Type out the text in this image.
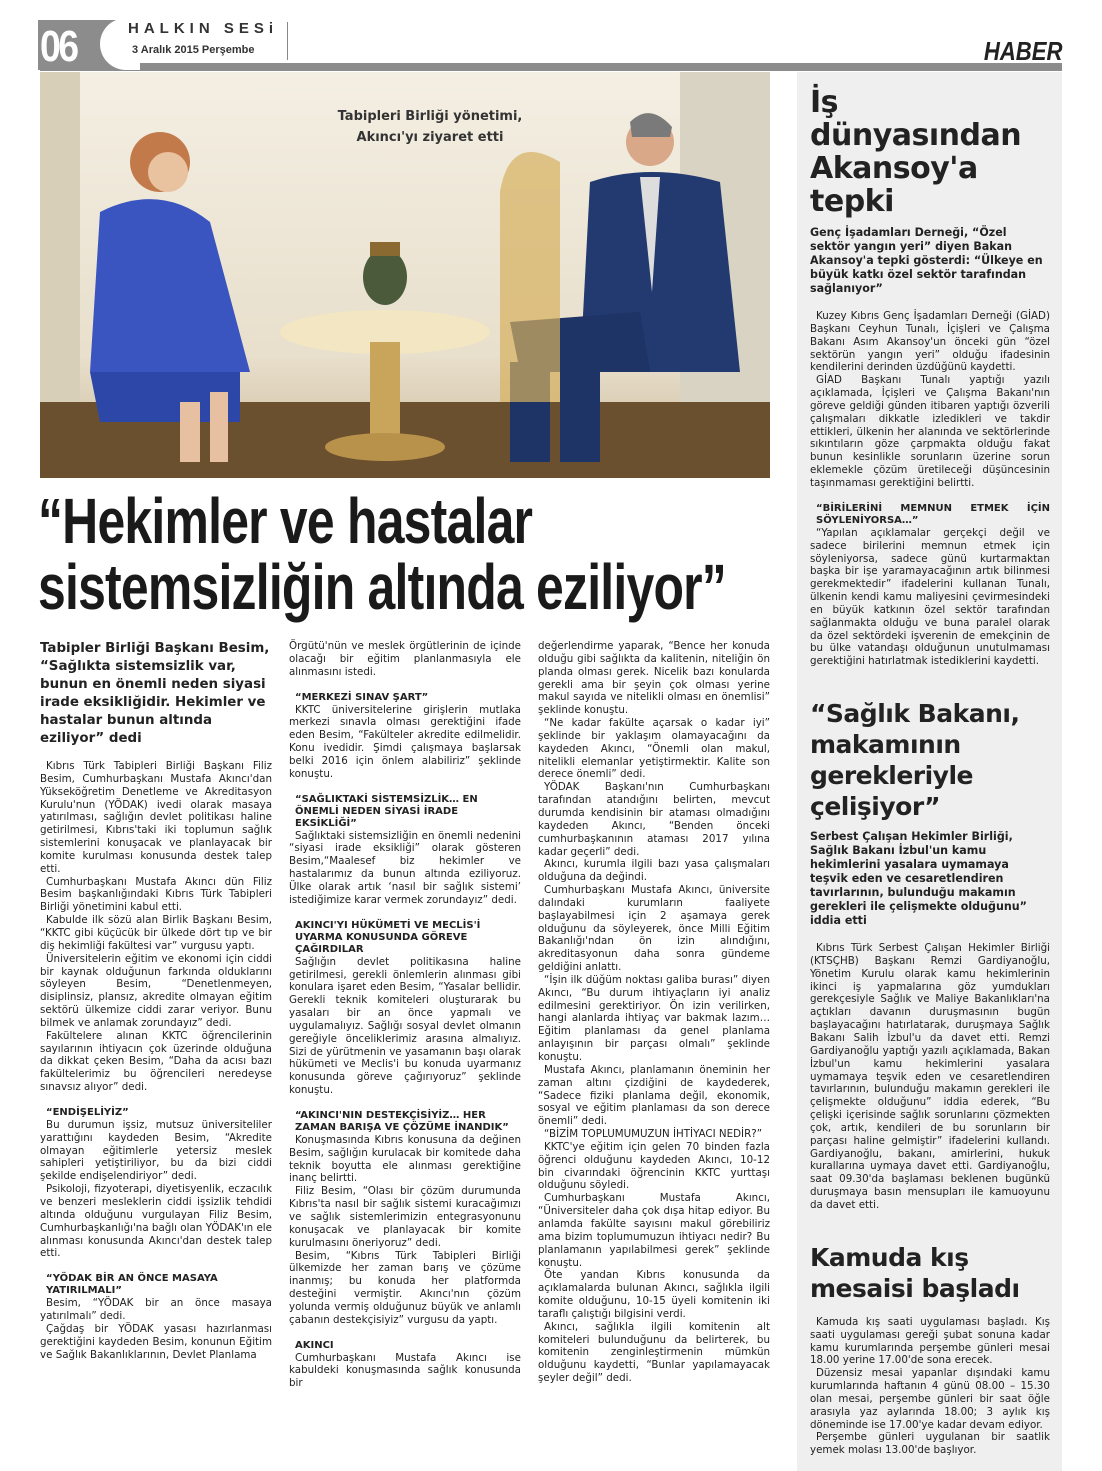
06	HALKIN SESi
3 Aralık 2015 Perşembe	HABER
Tabipleri Birliği yönetimi,
Akıncı'yı ziyaret etti
“Hekimler ve hastalar
sistemsizliğin altında eziliyor”
Tabipler Birliği Başkanı Besim, “Sağlıkta sistemsizlik var, bunun en önemli neden siyasi irade eksikliğidir. Hekimler ve hastalar bunun altında eziliyor” dedi

Kıbrıs Türk Tabipleri Birliği Başkanı Filiz Besim, Cumhurbaşkanı Mustafa Akıncı'dan Yükseköğretim Denetleme ve Akreditasyon Kurulu'nun (YÖDAK) ivedi olarak masaya yatırılması, sağlığın devlet politikası haline getirilmesi, Kıbrıs'taki iki toplumun sağlık sistemlerini konuşacak ve planlayacak bir komite kurulması konusunda destek talep etti.

Cumhurbaşkanı Mustafa Akıncı dün Filiz Besim başkanlığındaki Kıbrıs Türk Tabipleri Birliği yönetimini kabul etti.

Kabulde ilk sözü alan Birlik Başkanı Besim, “KKTC gibi küçücük bir ülkede dört tıp ve bir diş hekimliği fakültesi var” vurgusu yaptı.

Üniversitelerin eğitim ve ekonomi için ciddi bir kaynak olduğunun farkında olduklarını söyleyen Besim, “Denetlenmeyen, disiplinsiz, plansız, akredite olmayan eğitim sektörü ülkemize ciddi zarar veriyor. Bunu bilmek ve anlamak zorundayız” dedi.

Fakültelere alınan KKTC öğrencilerinin sayılarının ihtiyacın çok üzerinde olduğuna da dikkat çeken Besim, “Daha da acısı bazı fakültelerimiz bu öğrencileri neredeyse sınavsız alıyor” dedi.

“ENDİŞELİYİZ”

Bu durumun işsiz, mutsuz üniversiteliler yarattığını kaydeden Besim, “Akredite olmayan eğitimlerle yetersiz meslek sahipleri yetiştiriliyor, bu da bizi ciddi şekilde endişelendiriyor” dedi.

Psikoloji, fizyoterapi, diyetisyenlik, eczacılık ve benzeri mesleklerin ciddi işsizlik tehdidi altında olduğunu vurgulayan Filiz Besim, Cumhurbaşkanlığı'na bağlı olan YÖDAK'ın ele alınması konusunda Akıncı'dan destek talep etti.

“YÖDAK BİR AN ÖNCE MASAYA YATIRILMALI”

Besim, “YÖDAK bir an önce masaya yatırılmalı” dedi.

Çağdaş bir YÖDAK yasası hazırlanması gerektiğini kaydeden Besim, konunun Eğitim ve Sağlık Bakanlıklarının, Devlet Planlama

Örgütü'nün ve meslek örgütlerinin de içinde olacağı bir eğitim planlanmasıyla ele alınmasını istedi.

“MERKEZİ SINAV ŞART”

KKTC üniversitelerine girişlerin mutlaka merkezi sınavla olması gerektiğini ifade eden Besim, “Fakülteler akredite edilmelidir. Konu ivedidir. Şimdi çalışmaya başlarsak belki 2016 için önlem alabiliriz” şeklinde konuştu.

“SAĞLIKTAKİ SİSTEMSİZLİK… EN ÖNEMLİ NEDEN SİYASİ İRADE EKSİKLİĞİ”

Sağlıktaki sistemsizliğin en önemli nedenini “siyasi irade eksikliği” olarak gösteren Besim,“Maalesef biz hekimler ve hastalarımız da bunun altında eziliyoruz. Ülke olarak artık ‘nasıl bir sağlık sistemi’ istediğimize karar vermek zorundayız” dedi.

AKINCI'YI HÜKÜMETİ VE MECLİS'İ UYARMA KONUSUNDA GÖREVE ÇAĞIRDILAR

Sağlığın devlet politikasına haline getirilmesi, gerekli önlemlerin alınması gibi konulara işaret eden Besim, “Yasalar bellidir. Gerekli teknik komiteleri oluşturarak bu yasaları bir an önce yapmalı ve uygulamalıyız. Sağlığı sosyal devlet olmanın gereğiyle önceliklerimiz arasına almalıyız. Sizi de yürütmenin ve yasamanın başı olarak hükümeti ve Meclis'i bu konuda uyarmanız konusunda göreve çağırıyoruz” şeklinde konuştu.

“AKINCI'NIN DESTEKÇİSİYİZ… HER ZAMAN BARIŞA VE ÇÖZÜME İNANDIK”

Konuşmasında Kıbrıs konusuna da değinen Besim, sağlığın kurulacak bir komitede daha teknik boyutta ele alınması gerektiğine inanç belirtti.

Filiz Besim, “Olası bir çözüm durumunda Kıbrıs'ta nasıl bir sağlık sistemi kuracağımızı ve sağlık sistemlerimizin entegrasyonunu konuşacak ve planlayacak bir komite kurulmasını öneriyoruz” dedi.

Besim, “Kıbrıs Türk Tabipleri Birliği ülkemizde her zaman barış ve çözüme inanmış; bu konuda her platformda desteğini vermiştir. Akıncı'nın çözüm yolunda vermiş olduğunuz büyük ve anlamlı çabanın destekçisiyiz” vurgusu da yaptı.

AKINCI

Cumhurbaşkanı Mustafa Akıncı ise kabuldeki konuşmasında sağlık konusunda bir

değerlendirme yaparak, “Bence her konuda olduğu gibi sağlıkta da kalitenin, niteliğin ön planda olması gerek. Nicelik bazı konularda gerekli ama bir şeyin çok olması yerine makul sayıda ve nitelikli olması en önemlisi” şeklinde konuştu.

“Ne kadar fakülte açarsak o kadar iyi” şeklinde bir yaklaşım olamayacağını da kaydeden Akıncı, “Önemli olan makul, nitelikli elemanlar yetiştirmektir. Kalite son derece önemli” dedi.

YÖDAK Başkanı'nın Cumhurbaşkanı tarafından atandığını belirten, mevcut durumda kendisinin bir ataması olmadığını kaydeden Akıncı, “Benden önceki cumhurbaşkanının ataması 2017 yılına kadar geçerli” dedi.

Akıncı, kurumla ilgili bazı yasa çalışmaları olduğuna da değindi.

Cumhurbaşkanı Mustafa Akıncı, üniversite dalındaki kurumların faaliyete başlayabilmesi için 2 aşamaya gerek olduğunu da söyleyerek, önce Milli Eğitim Bakanlığı'ndan ön izin alındığını, akreditasyonun daha sonra gündeme geldiğini anlattı.

“İşin ilk düğüm noktası galiba burası” diyen Akıncı, “Bu durum ihtiyaçların iyi analiz edilmesini gerektiriyor. Ön izin verilirken, hangi alanlarda ihtiyaç var bakmak lazım… Eğitim planlaması da genel planlama anlayışının bir parçası olmalı” şeklinde konuştu.

Mustafa Akıncı, planlamanın öneminin her zaman altını çizdiğini de kaydederek, “Sadece fiziki planlama değil, ekonomik, sosyal ve eğitim planlaması da son derece önemli” dedi.

“BİZİM TOPLUMUMUZUN İHTİYACI NEDİR?”

KKTC'ye eğitim için gelen 70 binden fazla öğrenci olduğunu kaydeden Akıncı, 10-12 bin civarındaki öğrencinin KKTC yurttaşı olduğunu söyledi.

Cumhurbaşkanı Mustafa Akıncı, “Üniversiteler daha çok dışa hitap ediyor. Bu anlamda fakülte sayısını makul görebiliriz ama bizim toplumumuzun ihtiyacı nedir? Bu planlamanın yapılabilmesi gerek” şeklinde konuştu.

Öte yandan Kıbrıs konusunda da açıklamalarda bulunan Akıncı, sağlıkla ilgili komite olduğunu, 10-15 üyeli komitenin iki taraflı çalıştığı bilgisini verdi.

Akıncı, sağlıkla ilgili komitenin alt komiteleri bulunduğunu da belirterek, bu komitenin zenginleştirmenin mümkün olduğunu kaydetti, “Bunlar yapılamayacak şeyler değil” dedi.

İş dünyasından Akansoy'a tepki
Genç İşadamları Derneği, “Özel sektör yangın yeri” diyen Bakan Akansoy'a tepki gösterdi: “Ülkeye en büyük katkı özel sektör tarafından sağlanıyor”

Kuzey Kıbrıs Genç İşadamları Derneği (GİAD) Başkanı Ceyhun Tunalı, İçişleri ve Çalışma Bakanı Asım Akansoy'un önceki gün “özel sektörün yangın yeri” olduğu ifadesinin kendilerini derinden üzdüğünü kaydetti.

GİAD Başkanı Tunalı yaptığı yazılı açıklamada, İçişleri ve Çalışma Bakanı'nın göreve geldiği günden itibaren yaptığı özverili çalışmaları dikkatle izledikleri ve takdir ettikleri, ülkenin her alanında ve sektörlerinde sıkıntıların göze çarpmakta olduğu fakat bunun kesinlikle sorunların üzerine sorun eklemekle çözüm üretileceği düşüncesinin taşınmaması gerektiğini belirtti.

“BİRİLERİNİ MEMNUN ETMEK İÇİN SÖYLENİYORSA…”

“Yapılan açıklamalar gerçekçi değil ve sadece birilerini memnun etmek için söyleniyorsa, sadece günü kurtarmaktan başka bir işe yaramayacağının artık bilinmesi gerekmektedir” ifadelerini kullanan Tunalı, ülkenin kendi kamu maliyesini çevirmesindeki en büyük katkının özel sektör tarafından sağlanmakta olduğu ve buna paralel olarak da özel sektördeki işverenin de emekçinin de bu ülke vatandaşı olduğunun unutulmaması gerektiğini hatırlatmak istediklerini kaydetti.

“Sağlık Bakanı, makamının gerekleriyle çelişiyor”
Serbest Çalışan Hekimler Birliği, Sağlık Bakanı İzbul'un kamu hekimlerini yasalara uymamaya teşvik eden ve cesaretlendiren tavırlarının, bulunduğu makamın gerekleri ile çelişmekte olduğunu” iddia etti

Kıbrıs Türk Serbest Çalışan Hekimler Birliği (KTSÇHB) Başkanı Remzi Gardiyanoğlu, Yönetim Kurulu olarak kamu hekimlerinin ikinci iş yapmalarına göz yumdukları gerekçesiyle Sağlık ve Maliye Bakanlıkları'na açtıkları davanın duruşmasının bugün başlayacağını hatırlatarak, duruşmaya Sağlık Bakanı Salih İzbul'u da davet etti. Remzi Gardiyanoğlu yaptığı yazılı açıklamada, Bakan İzbul'un kamu hekimlerini yasalara uymamaya teşvik eden ve cesaretlendiren tavırlarının, bulunduğu makamın gerekleri ile çelişmekte olduğunu” iddia ederek, “Bu çelişki içerisinde sağlık sorunlarını çözmekten çok, artık, kendileri de bu sorunların bir parçası haline gelmiştir” ifadelerini kullandı. Gardiyanoğlu, bakanı, amirlerini, hukuk kurallarına uymaya davet etti. Gardiyanoğlu, saat 09.30'da başlaması beklenen bugünkü duruşmaya basın mensupları ile kamuoyunu da davet etti.

Kamuda kış mesaisi başladı

Kamuda kış saati uygulaması başladı. Kış saati uygulaması gereği şubat sonuna kadar kamu kurumlarında perşembe günleri mesai 18.00 yerine 17.00'de sona erecek.

Düzensiz mesai yapanlar dışındaki kamu kurumlarında haftanın 4 günü 08.00 – 15.30 olan mesai, perşembe günleri bir saat öğle arasıyla yaz aylarında 18.00; 3 aylık kış döneminde ise 17.00'ye kadar devam ediyor.

Perşembe günleri uygulanan bir saatlik yemek molası 13.00'de başlıyor.
